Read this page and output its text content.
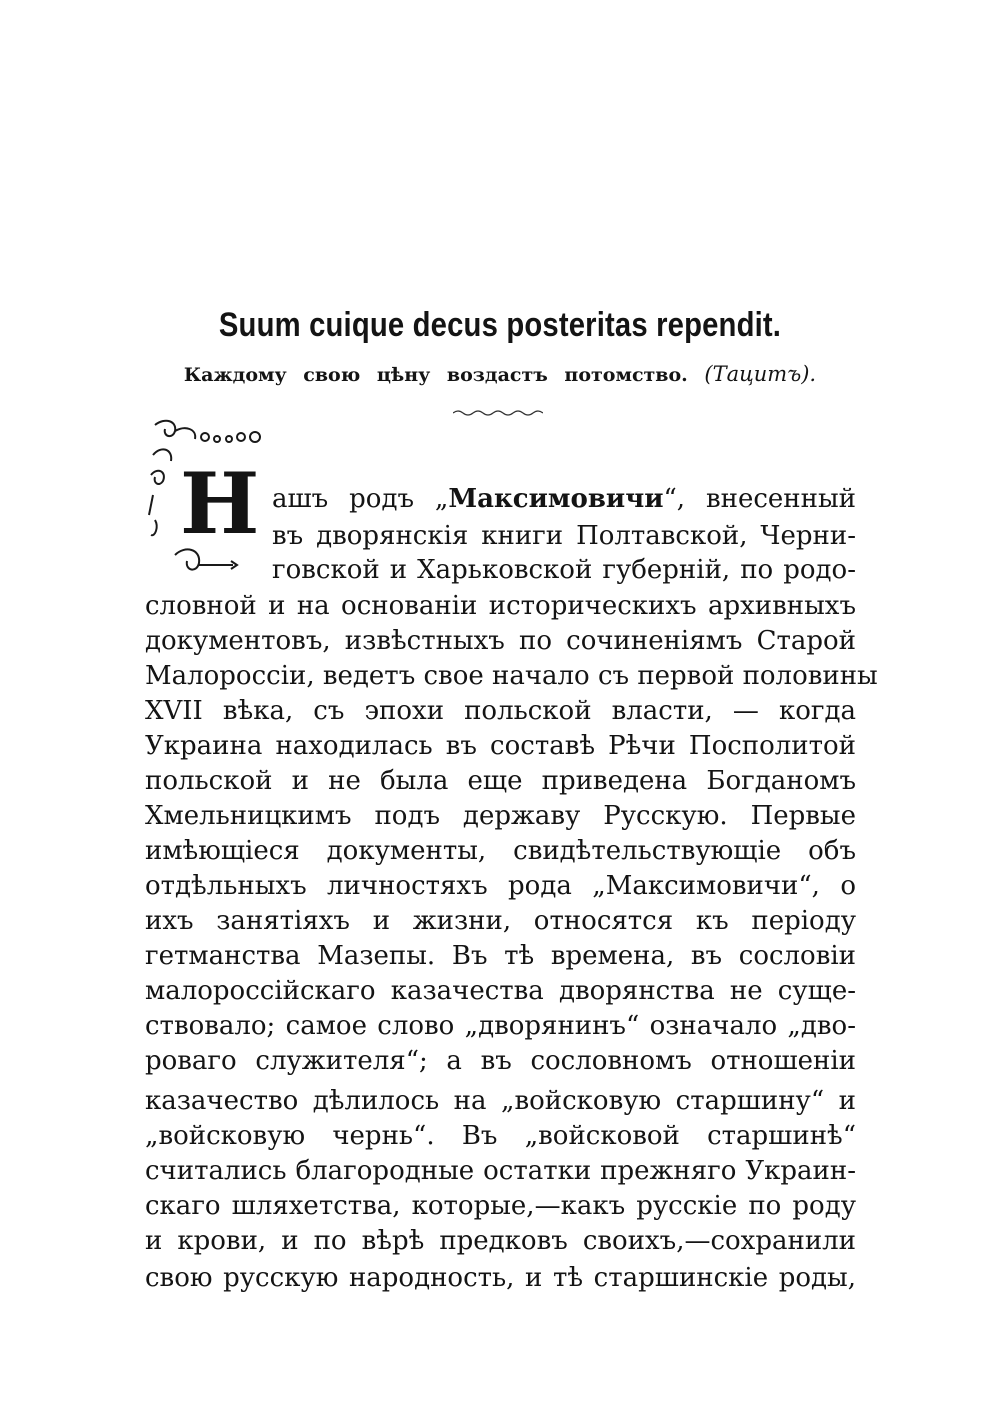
Suum cuique decus posteritas rependit.
Каждому свою цѣну воздастъ потомство. (Тацитъ).
Н ашъ родъ „Максимовичи“, внесенный
въ дворянскія книги Полтавской, Черни-
говской и Харьковской губерній, по родо-
словной и на основаніи историческихъ архивныхъ
документовъ, извѣстныхъ по сочиненіямъ Старой
Малороссіи, ведетъ свое начало съ первой половины
XVII вѣка, съ эпохи польской власти, — когда
Украина находилась въ составѣ Рѣчи Посполитой
польской и не была еще приведена Богданомъ
Хмельницкимъ подъ державу Русскую. Первые
имѣющіеся документы, свидѣтельствующіе объ
отдѣльныхъ личностяхъ рода „Максимовичи“, о
ихъ занятіяхъ и жизни, относятся къ періоду
гетманства Мазепы. Въ тѣ времена, въ сословіи
малороссійскаго казачества дворянства не суще-
ствовало; самое слово „дворянинъ“ означало „дво-
роваго служителя“; а въ сословномъ отношеніи
казачество дѣлилось на „войсковую старшину“ и
„войсковую чернь“. Въ „войсковой старшинѣ“
считались благородные остатки прежняго Украин-
скаго шляхетства, которые,—какъ русскіе по роду
и крови, и по вѣрѣ предковъ своихъ,—сохранили
свою русскую народность, и тѣ старшинскіе роды,
